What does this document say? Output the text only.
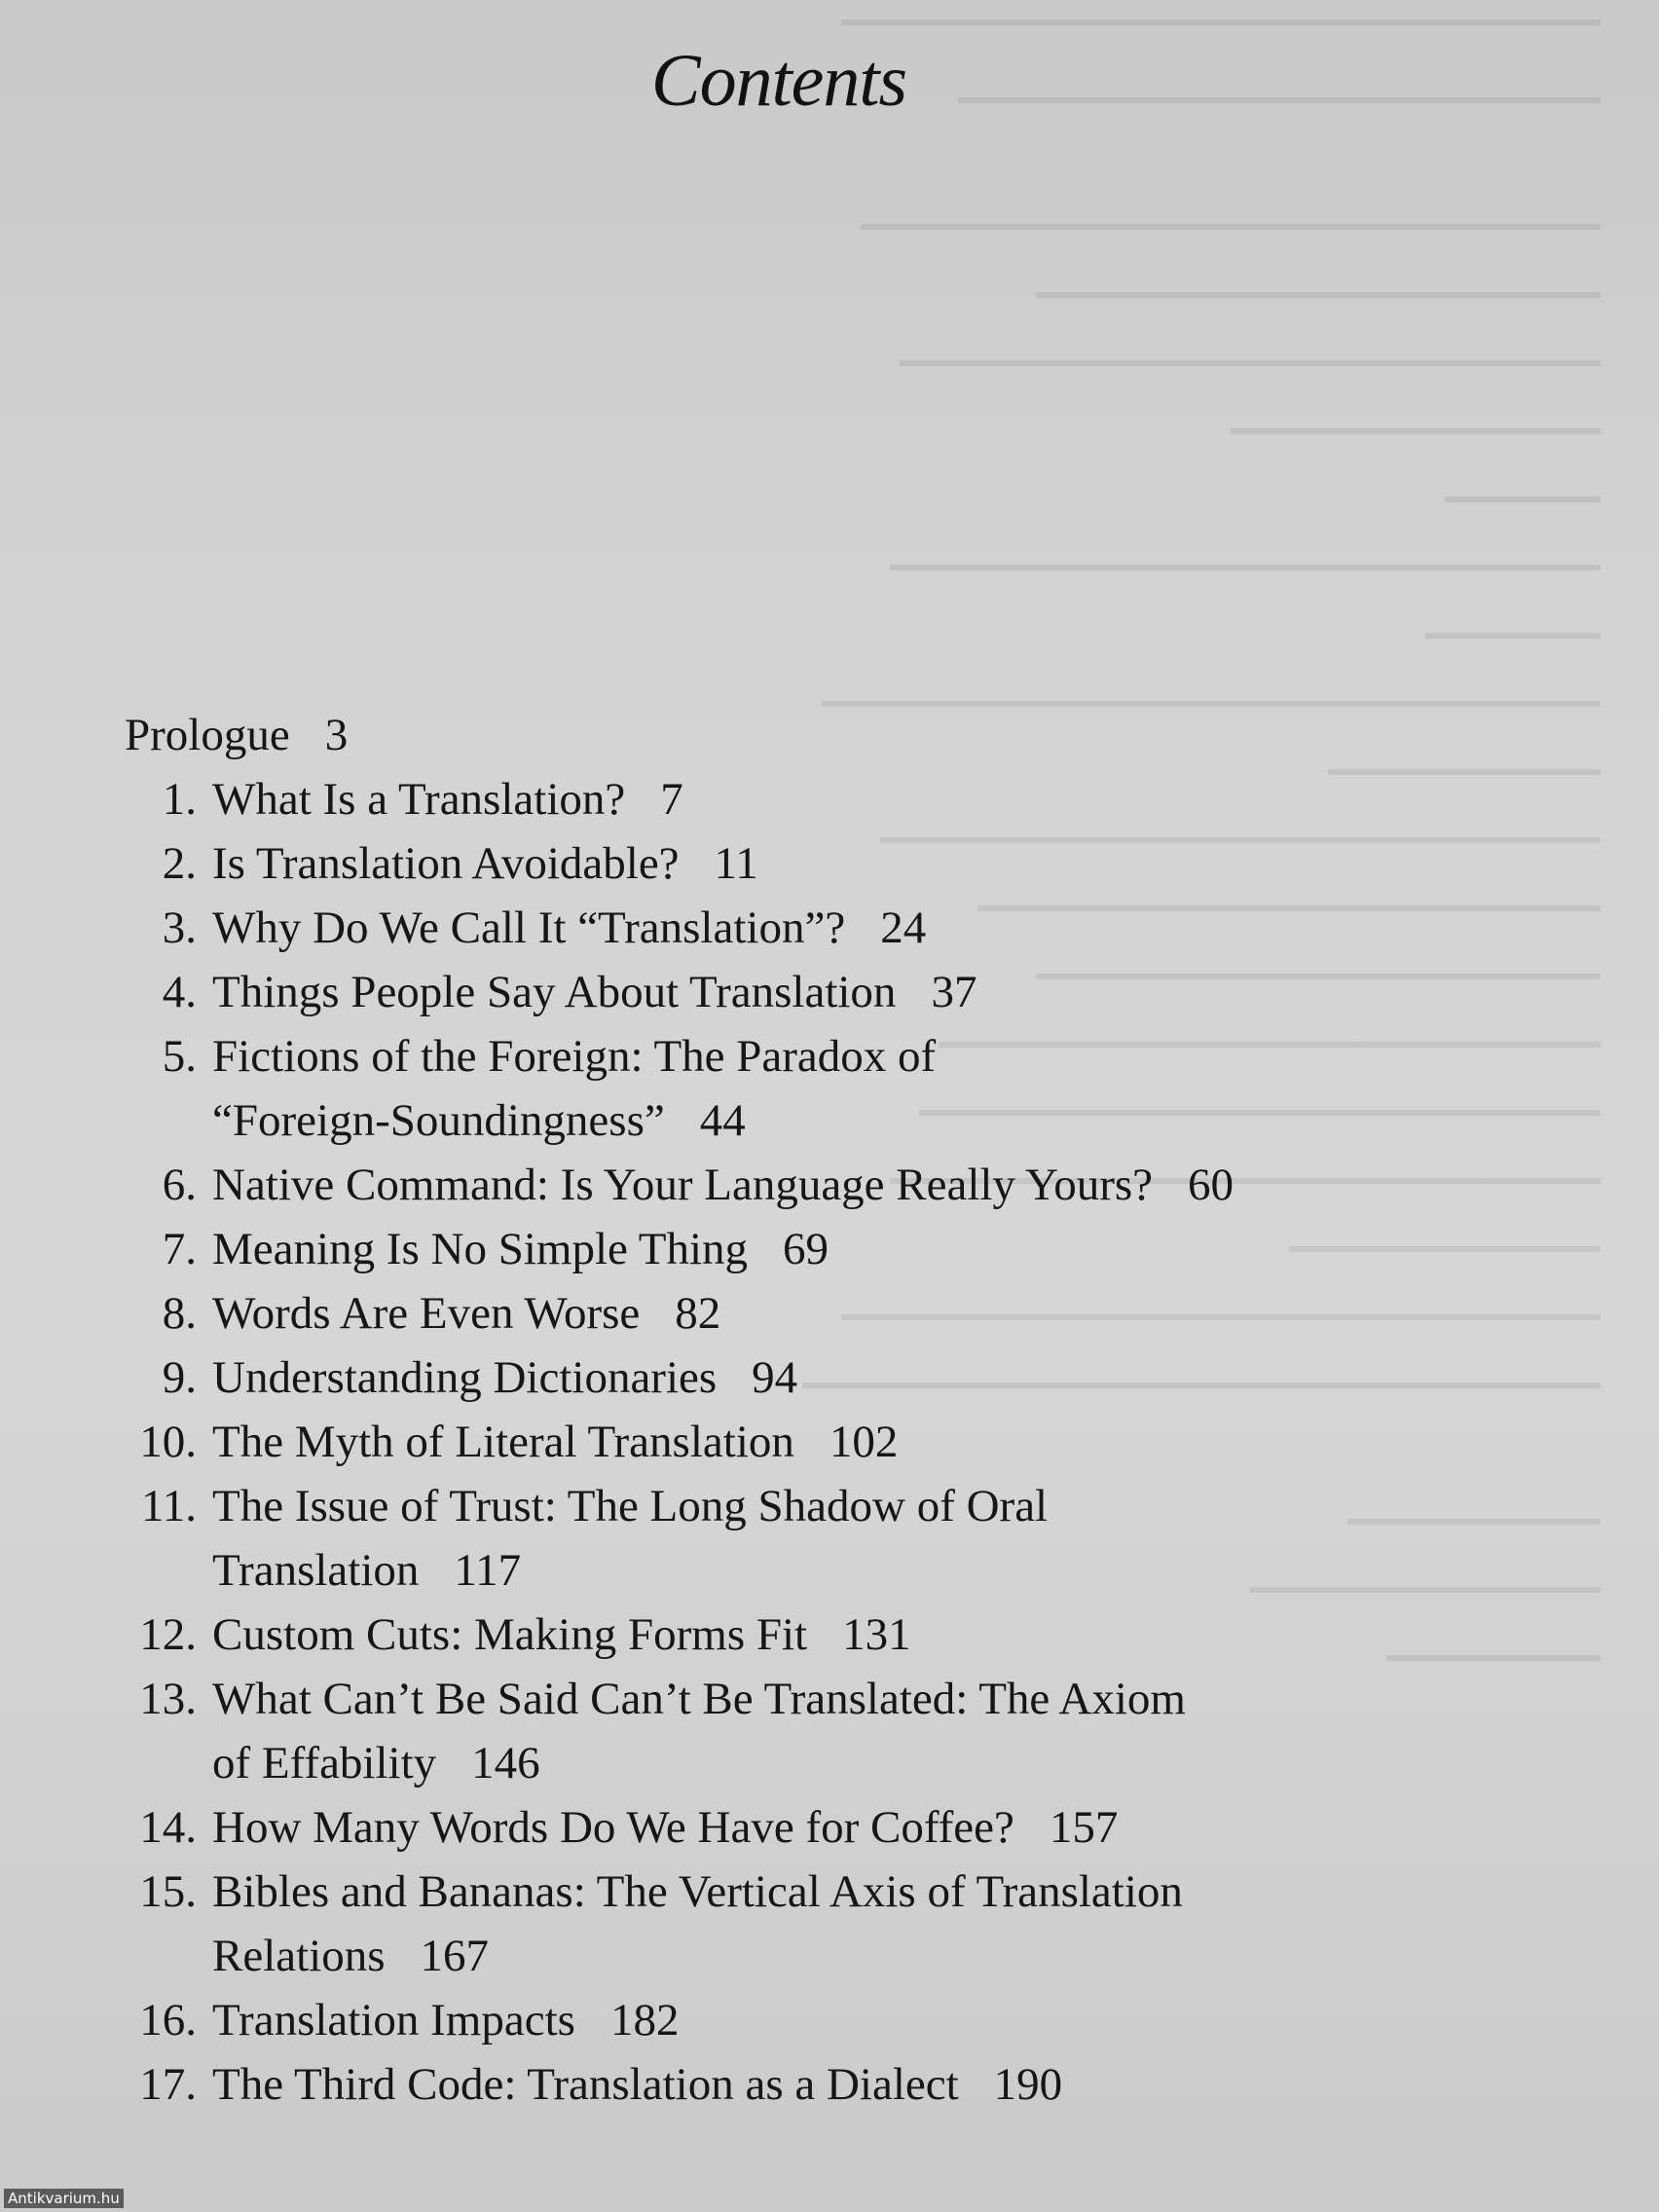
Contents
Prologue 3
1. What Is a Translation? 7
2. Is Translation Avoidable? 11
3. Why Do We Call It “Translation”? 24
4. Things People Say About Translation 37
5. Fictions of the Foreign: The Paradox of
“Foreign-Soundingness” 44
6. Native Command: Is Your Language Really Yours? 60
7. Meaning Is No Simple Thing 69
8. Words Are Even Worse 82
9. Understanding Dictionaries 94
10. The Myth of Literal Translation 102
11. The Issue of Trust: The Long Shadow of Oral
Translation 117
12. Custom Cuts: Making Forms Fit 131
13. What Can’t Be Said Can’t Be Translated: The Axiom
of Effability 146
14. How Many Words Do We Have for Coffee? 157
15. Bibles and Bananas: The Vertical Axis of Translation
Relations 167
16. Translation Impacts 182
17. The Third Code: Translation as a Dialect 190
Antikvarium.hu
